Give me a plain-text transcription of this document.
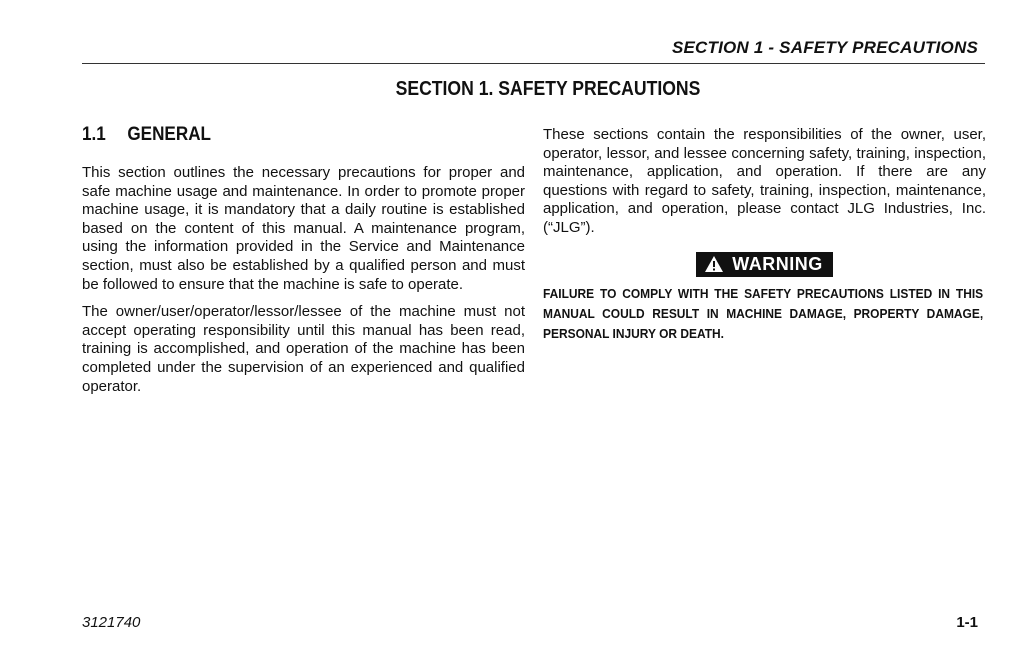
SECTION 1 - SAFETY PRECAUTIONS
SECTION 1. SAFETY PRECAUTIONS
1.1 GENERAL

This section outlines the necessary precautions for proper and safe machine usage and maintenance. In order to promote proper machine usage, it is mandatory that a daily routine is established based on the content of this manual. A maintenance program, using the information provided in the Service and Maintenance section, must also be established by a qualified person and must be followed to ensure that the machine is safe to operate.

The owner/user/operator/lessor/lessee of the machine must not accept operating responsibility until this manual has been read, training is accomplished, and operation of the machine has been completed under the supervision of an experienced and qualified operator.

These sections contain the responsibilities of the owner, user, operator, lessor, and lessee concerning safety, training, inspection, maintenance, application, and operation. If there are any questions with regard to safety, training, inspection, maintenance, application, and operation, please contact JLG Industries, Inc. (“JLG”).

WARNING
FAILURE TO COMPLY WITH THE SAFETY PRECAUTIONS LISTED IN THIS MANUAL COULD RESULT IN MACHINE DAMAGE, PROPERTY DAMAGE, PERSONAL INJURY OR DEATH.
3121740	1-1
